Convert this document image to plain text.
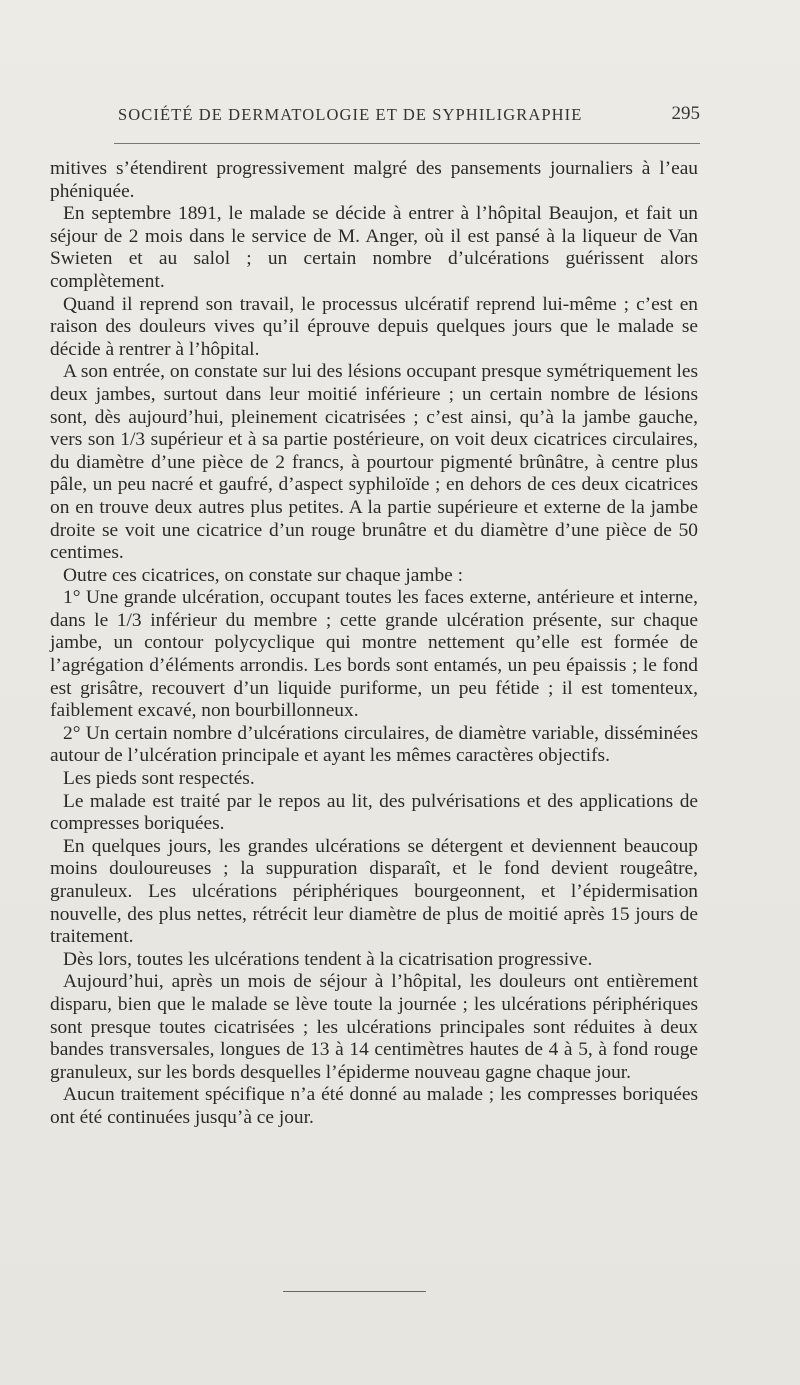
SOCIÉTÉ DE DERMATOLOGIE ET DE SYPHILIGRAPHIE	295

mitives s’étendirent progressivement malgré des pansements journaliers à l’eau phéniquée.

En septembre 1891, le malade se décide à entrer à l’hôpital Beaujon, et fait un séjour de 2 mois dans le service de M. Anger, où il est pansé à la liqueur de Van Swieten et au salol ; un certain nombre d’ulcérations guérissent alors complètement.

Quand il reprend son travail, le processus ulcératif reprend lui-même ; c’est en raison des douleurs vives qu’il éprouve depuis quelques jours que le malade se décide à rentrer à l’hôpital.

A son entrée, on constate sur lui des lésions occupant presque symétriquement les deux jambes, surtout dans leur moitié inférieure ; un certain nombre de lésions sont, dès aujourd’hui, pleinement cicatrisées ; c’est ainsi, qu’à la jambe gauche, vers son 1/3 supérieur et à sa partie postérieure, on voit deux cicatrices circulaires, du diamètre d’une pièce de 2 francs, à pourtour pigmenté brûnâtre, à centre plus pâle, un peu nacré et gaufré, d’aspect syphiloïde ; en dehors de ces deux cicatrices on en trouve deux autres plus petites. A la partie supérieure et externe de la jambe droite se voit une cicatrice d’un rouge brunâtre et du diamètre d’une pièce de 50 centimes.

Outre ces cicatrices, on constate sur chaque jambe :

1° Une grande ulcération, occupant toutes les faces externe, antérieure et interne, dans le 1/3 inférieur du membre ; cette grande ulcération présente, sur chaque jambe, un contour polycyclique qui montre nettement qu’elle est formée de l’agrégation d’éléments arrondis. Les bords sont entamés, un peu épaissis ; le fond est grisâtre, recouvert d’un liquide puriforme, un peu fétide ; il est tomenteux, faiblement excavé, non bourbillonneux.

2° Un certain nombre d’ulcérations circulaires, de diamètre variable, disséminées autour de l’ulcération principale et ayant les mêmes caractères objectifs.

Les pieds sont respectés.

Le malade est traité par le repos au lit, des pulvérisations et des applications de compresses boriquées.

En quelques jours, les grandes ulcérations se détergent et deviennent beaucoup moins douloureuses ; la suppuration disparaît, et le fond devient rougeâtre, granuleux. Les ulcérations périphériques bourgeonnent, et l’épidermisation nouvelle, des plus nettes, rétrécit leur diamètre de plus de moitié après 15 jours de traitement.

Dès lors, toutes les ulcérations tendent à la cicatrisation progressive.

Aujourd’hui, après un mois de séjour à l’hôpital, les douleurs ont entièrement disparu, bien que le malade se lève toute la journée ; les ulcérations périphériques sont presque toutes cicatrisées ; les ulcérations principales sont réduites à deux bandes transversales, longues de 13 à 14 centimètres hautes de 4 à 5, à fond rouge granuleux, sur les bords desquelles l’épiderme nouveau gagne chaque jour.

Aucun traitement spécifique n’a été donné au malade ; les compresses boriquées ont été continuées jusqu’à ce jour.
